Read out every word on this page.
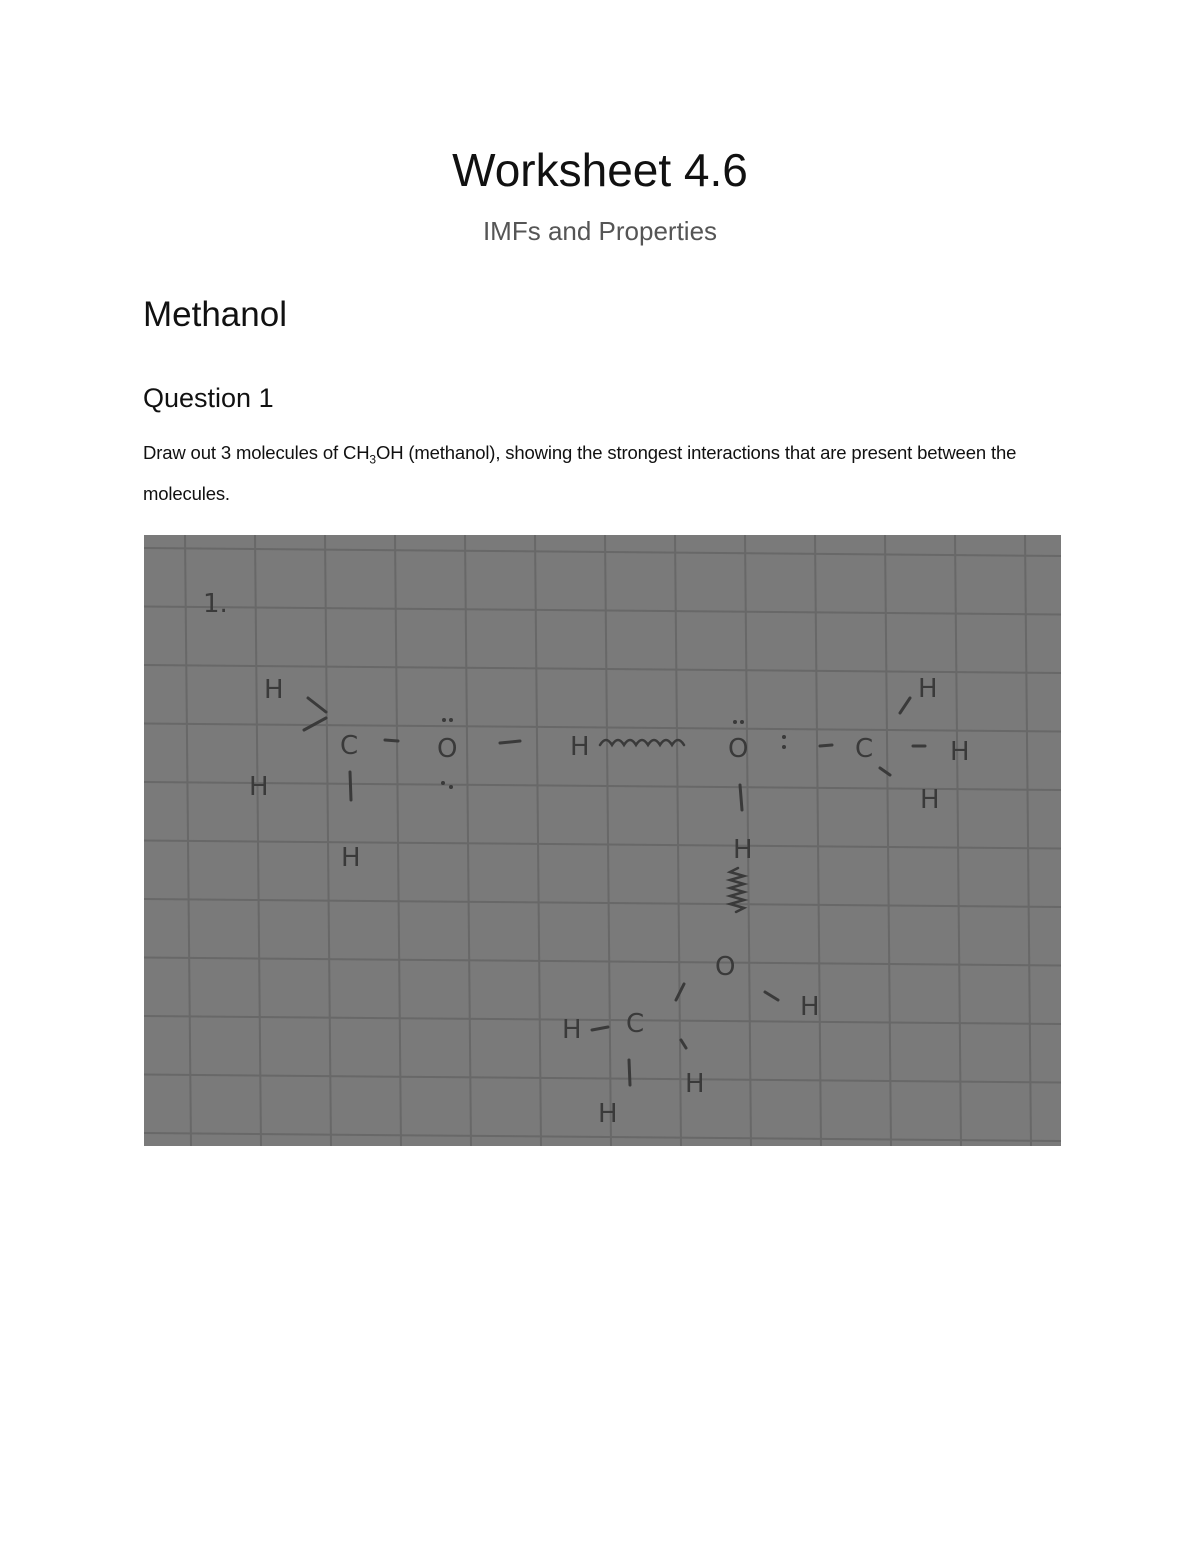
Worksheet 4.6
IMFs and Properties
Methanol
Question 1

Draw out 3 molecules of $CH_3OH$ (methanol), showing the strongest interactions that are present between the molecules.

1.
H
C
H
H
O	H	O	C
H
H
H
H
O
H
C
H
H
H
